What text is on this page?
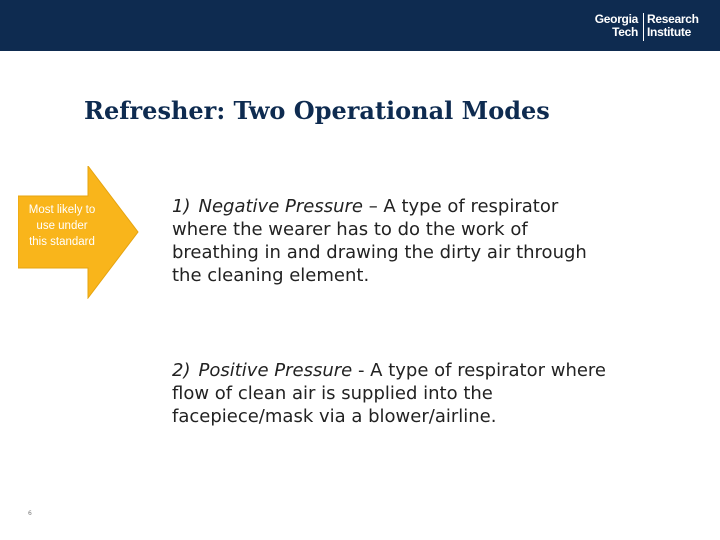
Georgia
Tech
Research
Institute
Refresher: Two Operational Modes
Most likely to use under this standard
1) Negative Pressure – A type of respirator where the wearer has to do the work of breathing in and drawing the dirty air through the cleaning element.
2) Positive Pressure - A type of respirator where flow of clean air is supplied into the facepiece/mask via a blower/airline.
6
